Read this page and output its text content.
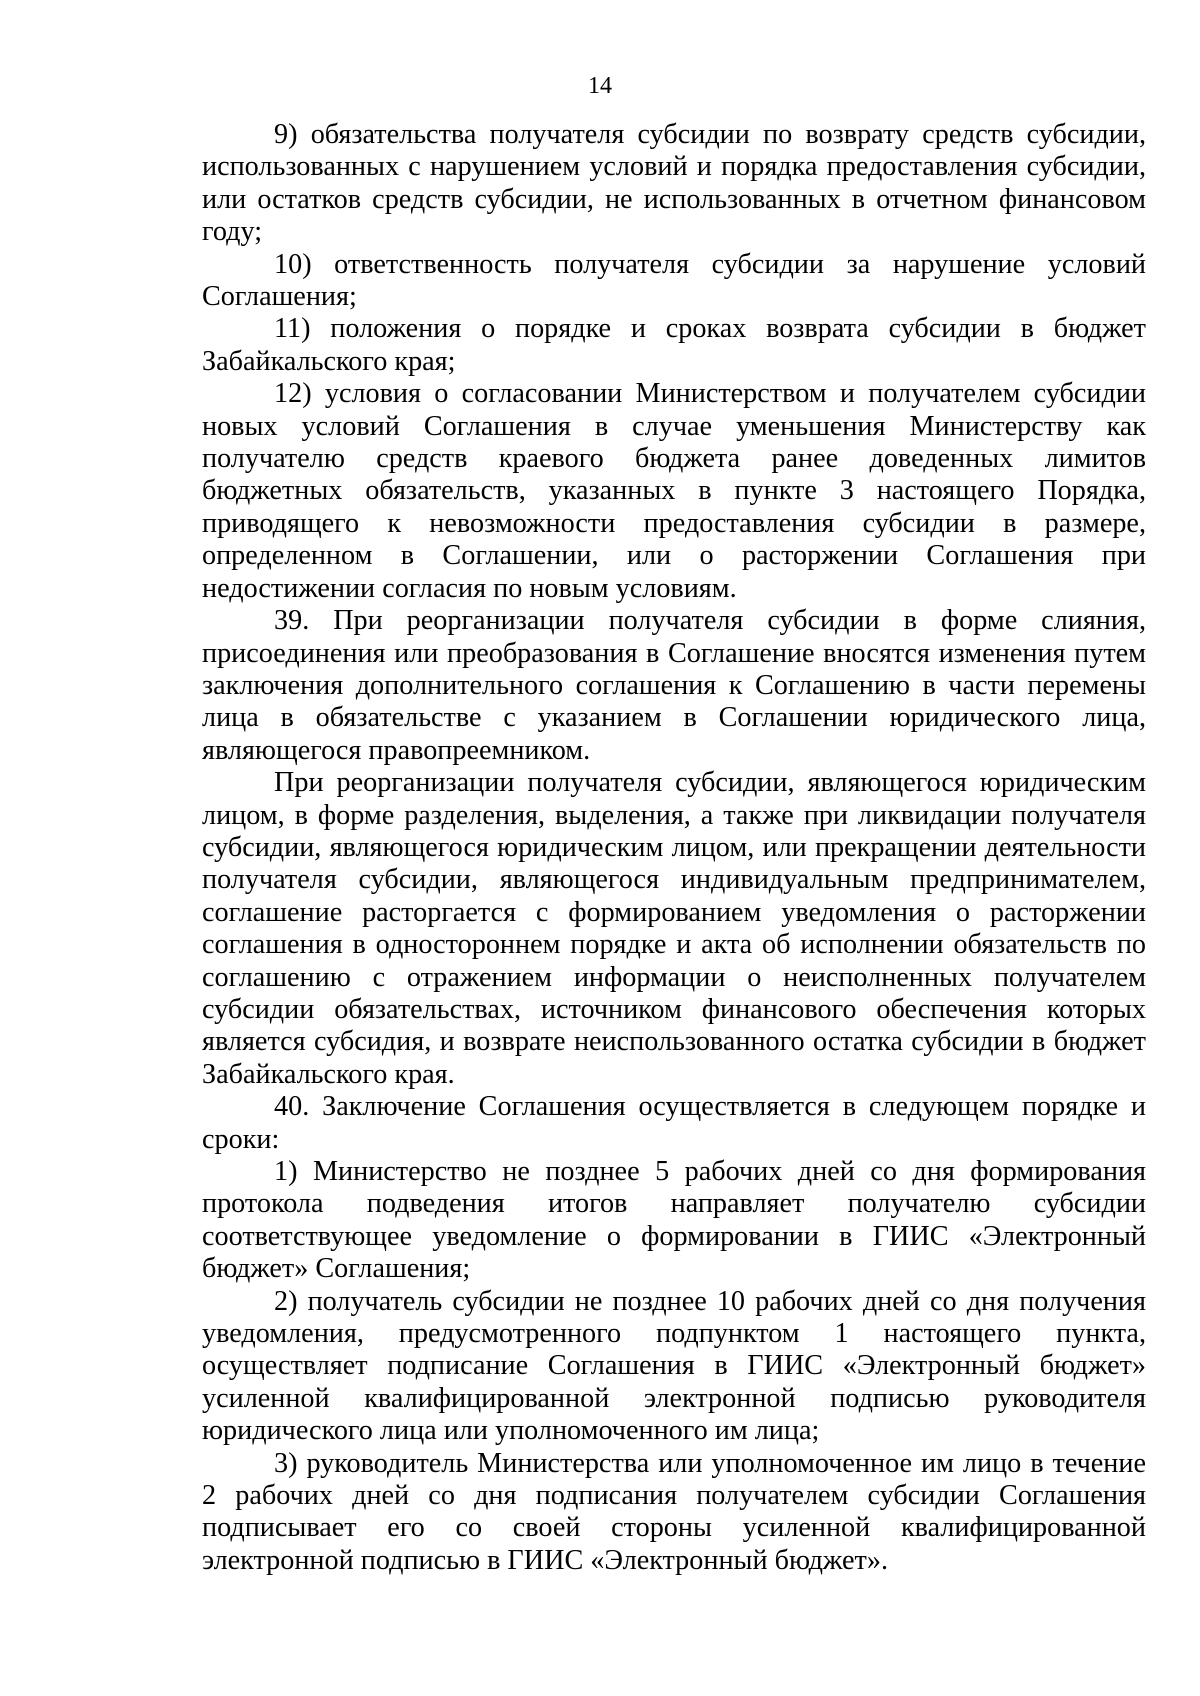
14

9) обязательства получателя субсидии по возврату средств субсидии, использованных с нарушением условий и порядка предоставления субсидии, или остатков средств субсидии, не использованных в отчетном финансовом году;

10) ответственность получателя субсидии за нарушение условий Соглашения;

11) положения о порядке и сроках возврата субсидии в бюджет Забайкальского края;

12) условия о согласовании Министерством и получателем субсидии новых условий Соглашения в случае уменьшения Министерству как получателю средств краевого бюджета ранее доведенных лимитов бюджетных обязательств, указанных в пункте 3 настоящего Порядка, приводящего к невозможности предоставления субсидии в размере, определенном в Соглашении, или о расторжении Соглашения при недостижении согласия по новым условиям.

39. При реорганизации получателя субсидии в форме слияния, присоединения или преобразования в Соглашение вносятся изменения путем заключения дополнительного соглашения к Соглашению в части перемены лица в обязательстве с указанием в Соглашении юридического лица, являющегося правопреемником.

При реорганизации получателя субсидии, являющегося юридическим лицом, в форме разделения, выделения, а также при ликвидации получателя субсидии, являющегося юридическим лицом, или прекращении деятельности получателя субсидии, являющегося индивидуальным предпринимателем, соглашение расторгается с формированием уведомления о расторжении соглашения в одностороннем порядке и акта об исполнении обязательств по соглашению с отражением информации о неисполненных получателем субсидии обязательствах, источником финансового обеспечения которых является субсидия, и возврате неиспользованного остатка субсидии в бюджет Забайкальского края.

40. Заключение Соглашения осуществляется в следующем порядке и сроки:

1) Министерство не позднее 5 рабочих дней со дня формирования протокола подведения итогов направляет получателю субсидии соответствующее уведомление о формировании в ГИИС «Электронный бюджет» Соглашения;

2) получатель субсидии не позднее 10 рабочих дней со дня получения уведомления, предусмотренного подпунктом 1 настоящего пункта, осуществляет подписание Соглашения в ГИИС «Электронный бюджет» усиленной квалифицированной электронной подписью руководителя юридического лица или уполномоченного им лица;

3) руководитель Министерства или уполномоченное им лицо в течение 2 рабочих дней со дня подписания получателем субсидии Соглашения подписывает его со своей стороны усиленной квалифицированной электронной подписью в ГИИС «Электронный бюджет».
